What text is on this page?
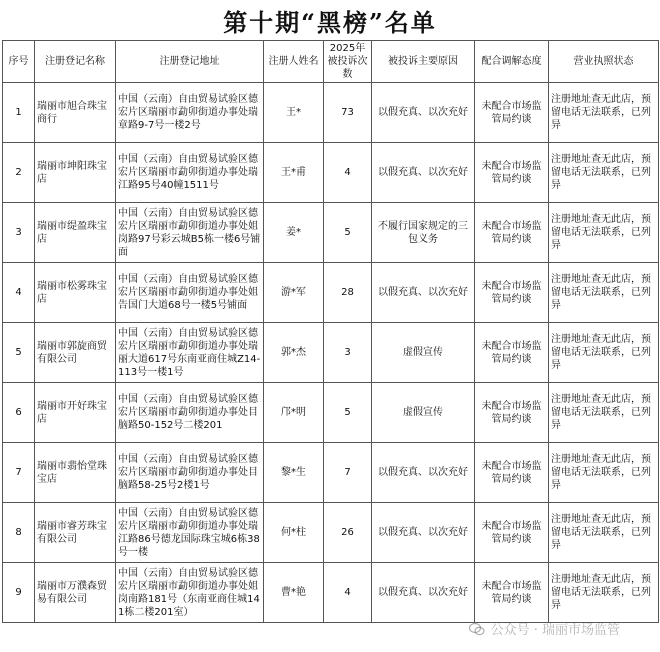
第十期“黑榜”名单
序号	注册登记名称	注册登记地址	注册人姓名	2025年被投诉次数	被投诉主要原因	配合调解态度	营业执照状态
1	瑞丽市旭合珠宝商行	中国（云南）自由贸易试验区德宏片区瑞丽市勐卯街道办事处瑞章路9-7号一楼2号	王*	73	以假充真、以次充好	未配合市场监管局约谈	注册地址查无此店，预留电话无法联系，已列异
2	瑞丽市坤阳珠宝店	中国（云南）自由贸易试验区德宏片区瑞丽市勐卯街道办事处瑞江路95号40幢1511号	王*甫	4	以假充真、以次充好	未配合市场监管局约谈	注册地址查无此店，预留电话无法联系，已列异
3	瑞丽市缇盈珠宝店	中国（云南）自由贸易试验区德宏片区瑞丽市勐卯街道办事处姐岗路97号彩云城B5栋一楼6号铺面	姜*	5	不履行国家规定的三包义务	未配合市场监管局约谈	注册地址查无此店，预留电话无法联系，已列异
4	瑞丽市松雾珠宝店	中国（云南）自由贸易试验区德宏片区瑞丽市勐卯街道办事处姐告国门大道68号一楼5号铺面	游*军	28	以假充真、以次充好	未配合市场监管局约谈	注册地址查无此店，预留电话无法联系，已列异
5	瑞丽市郭旋商贸有限公司	中国（云南）自由贸易试验区德宏片区瑞丽市勐卯街道办事处瑞丽大道617号东南亚商住城Z14-113号一楼1号	郭*杰	3	虚假宣传	未配合市场监管局约谈	注册地址查无此店，预留电话无法联系，已列异
6	瑞丽市开好珠宝店	中国（云南）自由贸易试验区德宏片区瑞丽市勐卯街道办事处目脑路50-152号二楼201	邝*明	5	虚假宣传	未配合市场监管局约谈	注册地址查无此店，预留电话无法联系，已列异
7	瑞丽市翡怡堂珠宝店	中国（云南）自由贸易试验区德宏片区瑞丽市勐卯街道办事处目脑路58-25号2楼1号	黎*生	7	以假充真、以次充好	未配合市场监管局约谈	注册地址查无此店，预留电话无法联系，已列异
8	瑞丽市睿芳珠宝有限公司	中国（云南）自由贸易试验区德宏片区瑞丽市勐卯街道办事处瑞江路86号德龙国际珠宝城6栋38号一楼	何*柱	26	以假充真、以次充好	未配合市场监管局约谈	注册地址查无此店，预留电话无法联系，已列异
9	瑞丽市万濮森贸易有限公司	中国（云南）自由贸易试验区德宏片区瑞丽市勐卯街道办事处姐岗南路181号（东南亚商住城141栋二楼201室）	曹*艳	4	以假充真、以次充好	未配合市场监管局约谈	注册地址查无此店，预留电话无法联系，已列异
公众号 · 瑞丽市场监管
